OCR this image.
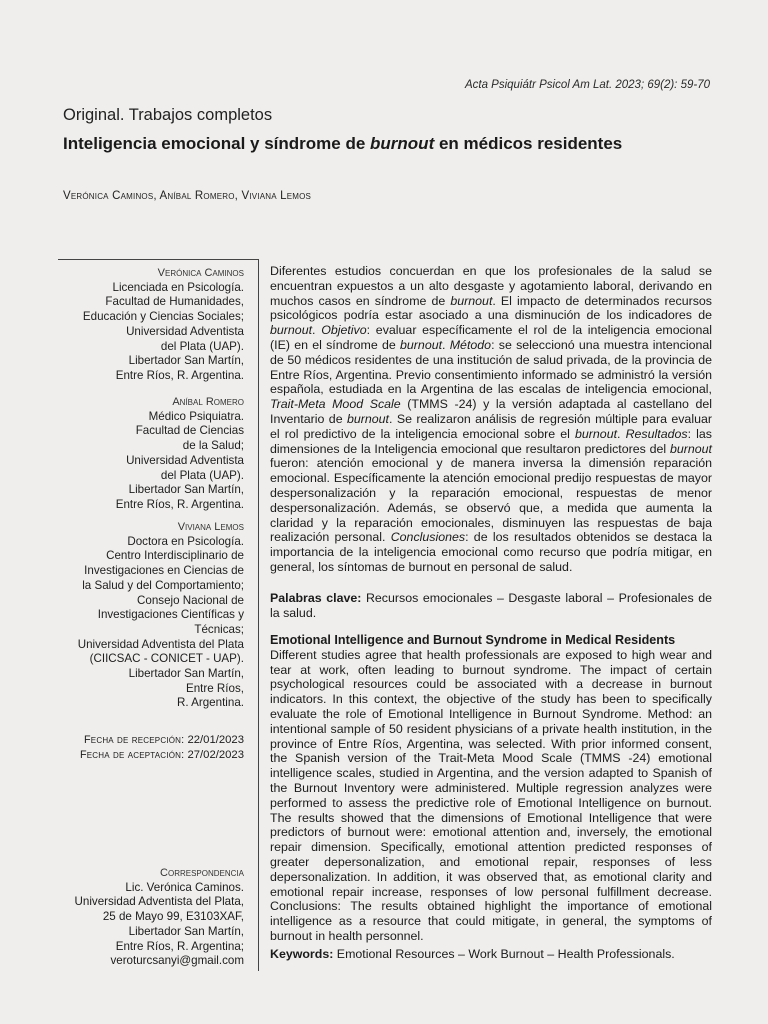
Acta Psiquiátr Psicol Am Lat. 2023; 69(2): 59-70
Original. Trabajos completos
Inteligencia emocional y síndrome de burnout en médicos residentes
Verónica Caminos, Aníbal Romero, Viviana Lemos
Verónica Caminos
Licenciada en Psicología.
Facultad de Humanidades,
Educación y Ciencias Sociales;
Universidad Adventista
del Plata (UAP).
Libertador San Martín,
Entre Ríos, R. Argentina.
Aníbal Romero
Médico Psiquiatra.
Facultad de Ciencias
de la Salud;
Universidad Adventista
del Plata (UAP).
Libertador San Martín,
Entre Ríos, R. Argentina.
Viviana Lemos
Doctora en Psicología.
Centro Interdisciplinario de
Investigaciones en Ciencias de
la Salud y del Comportamiento;
Consejo Nacional de
Investigaciones Científicas y
Técnicas;
Universidad Adventista del Plata
(CIICSAC - CONICET - UAP).
Libertador San Martín,
Entre Ríos,
R. Argentina.
Fecha de recepción: 22/01/2023
Fecha de aceptación: 27/02/2023
Correspondencia
Lic. Verónica Caminos.
Universidad Adventista del Plata,
25 de Mayo 99, E3103XAF,
Libertador San Martín,
Entre Ríos, R. Argentina;
veroturcsanyi@gmail.com

Diferentes estudios concuerdan en que los profesionales de la salud se encuentran expuestos a un alto desgaste y agotamiento laboral, derivando en muchos casos en síndrome de burnout. El impacto de determinados recursos psicológicos podría estar asociado a una disminución de los indicadores de burnout. Objetivo: evaluar específicamente el rol de la inteligencia emocional (IE) en el síndrome de burnout. Método: se seleccionó una muestra intencional de 50 médicos residentes de una institución de salud privada, de la provincia de Entre Ríos, Argentina. Previo consentimiento informado se administró la versión española, estudiada en la Argentina de las escalas de inteligencia emocional, Trait-Meta Mood Scale (TMMS -24) y la versión adaptada al castellano del Inventario de burnout. Se realizaron análisis de regresión múltiple para evaluar el rol predictivo de la inteligencia emocional sobre el burnout. Resultados: las dimensiones de la Inteligencia emocional que resultaron predictores del burnout fueron: atención emocional y de manera inversa la dimensión reparación emocional. Específicamente la atención emocional predijo respuestas de mayor despersonalización y la reparación emocional, respuestas de menor despersonalización. Además, se observó que, a medida que aumenta la claridad y la reparación emocionales, disminuyen las respuestas de baja realización personal. Conclusiones: de los resultados obtenidos se destaca la importancia de la inteligencia emocional como recurso que podría mitigar, en general, los síntomas de burnout en personal de salud.

Palabras clave: Recursos emocionales – Desgaste laboral – Profesionales de la salud.

Emotional Intelligence and Burnout Syndrome in Medical Residents

Different studies agree that health professionals are exposed to high wear and tear at work, often leading to burnout syndrome. The impact of certain psychological resources could be associated with a decrease in burnout indicators. In this context, the objective of the study has been to specifically evaluate the role of Emotional Intelligence in Burnout Syndrome. Method: an intentional sample of 50 resident physicians of a private health institution, in the province of Entre Ríos, Argentina, was selected. With prior informed consent, the Spanish version of the Trait-Meta Mood Scale (TMMS -24) emotional intelligence scales, studied in Argentina, and the version adapted to Spanish of the Burnout Inventory were administered. Multiple regression analyzes were performed to assess the predictive role of Emotional Intelligence on burnout. The results showed that the dimensions of Emotional Intelligence that were predictors of burnout were: emotional attention and, inversely, the emotional repair dimension. Specifically, emotional attention predicted responses of greater depersonalization, and emotional repair, responses of less depersonalization. In addition, it was observed that, as emotional clarity and emotional repair increase, responses of low personal fulfillment decrease. Conclusions: The results obtained highlight the importance of emotional intelligence as a resource that could mitigate, in general, the symptoms of burnout in health personnel.

Keywords: Emotional Resources – Work Burnout – Health Professionals.
